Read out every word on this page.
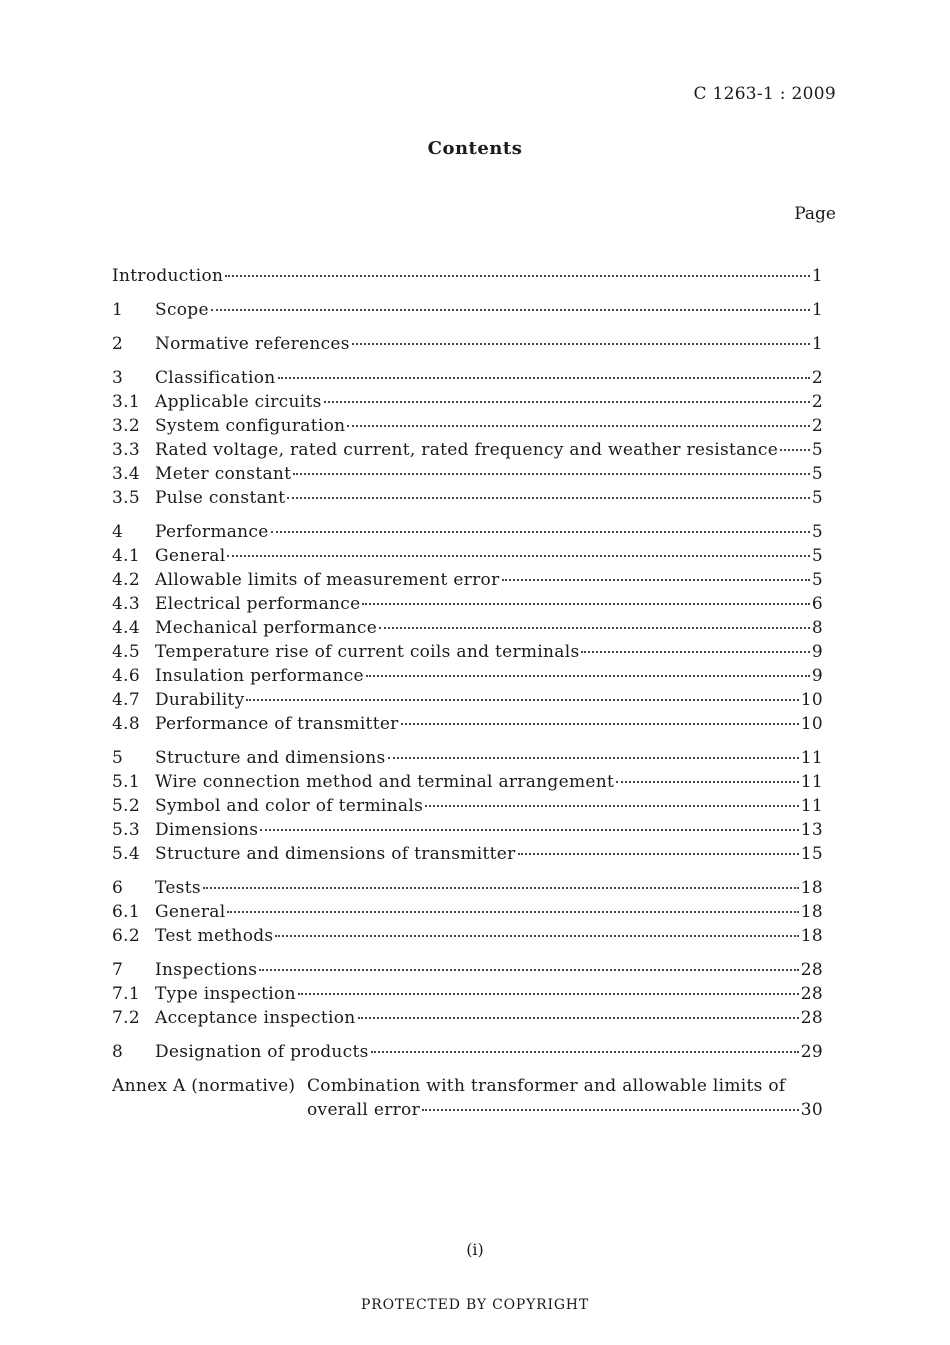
C 1263-1 : 2009
Contents
Page
Introduction	1
1	Scope	1
2	Normative references	1
3	Classification	2
3.1 Applicable circuits	2
3.2 System configuration	2
3.3 Rated voltage, rated current, rated frequency and weather resistance 5
3.4 Meter constant	5
3.5 Pulse constant	5
4	Performance	5
4.1 General	5
4.2 Allowable limits of measurement error	5
4.3 Electrical performance	6
4.4 Mechanical performance	8
4.5 Temperature rise of current coils and terminals	9
4.6 Insulation performance	9
4.7 Durability	10
4.8 Performance of transmitter	10
5	Structure and dimensions	11
5.1 Wire connection method and terminal arrangement	11
5.2 Symbol and color of terminals	11
5.3 Dimensions	13
5.4 Structure and dimensions of transmitter	15
6	Tests	18
6.1 General	18
6.2 Test methods	18
7	Inspections	28
7.1 Type inspection	28
7.2 Acceptance inspection	28
8	Designation of products	29
Annex A (normative) Combination with transformer and allowable limits of
overall error	30
(i)
PROTECTED BY COPYRIGHT
